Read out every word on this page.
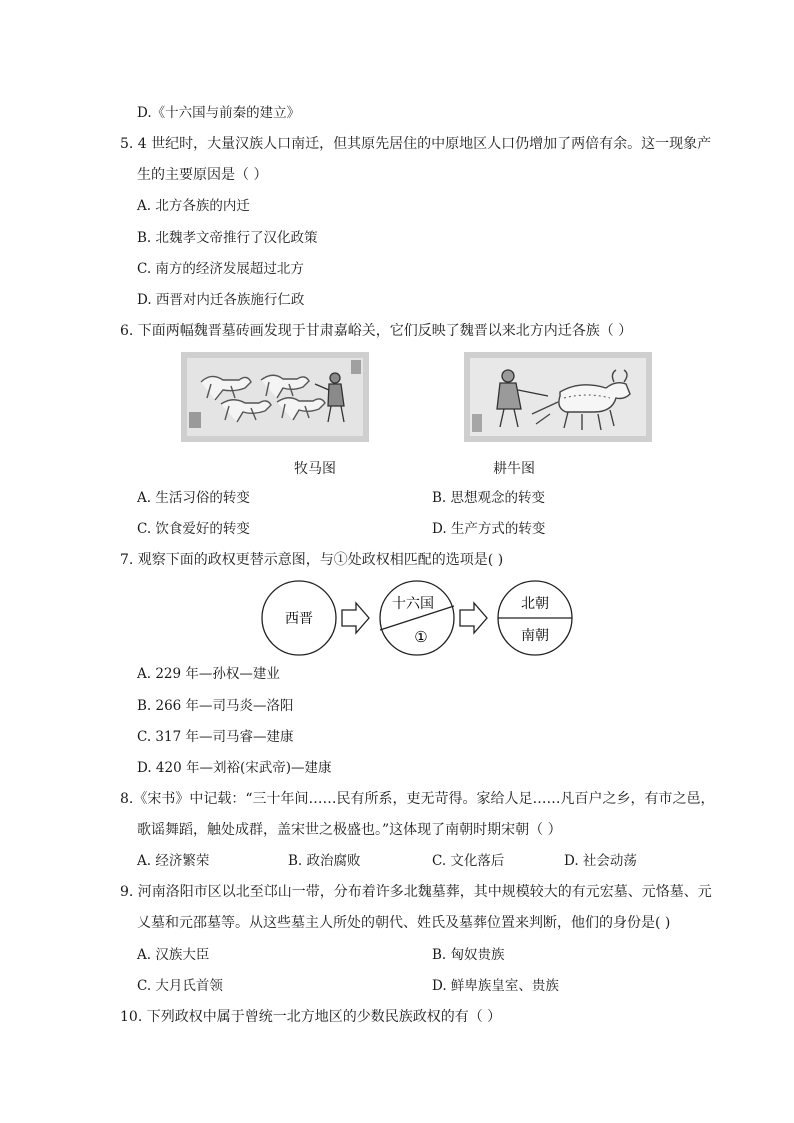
D.《十六国与前秦的建立》
5. 4 世纪时，大量汉族人口南迁，但其原先居住的中原地区人口仍增加了两倍有余。这一现象产
生的主要原因是（ ）
A. 北方各族的内迁
B. 北魏孝文帝推行了汉化政策
C. 南方的经济发展超过北方
D. 西晋对内迁各族施行仁政
6. 下面两幅魏晋墓砖画发现于甘肃嘉峪关，它们反映了魏晋以来北方内迁各族（ ）
牧马图	耕牛图
A. 生活习俗的转变	B. 思想观念的转变
C. 饮食爱好的转变	D. 生产方式的转变
7. 观察下面的政权更替示意图，与①处政权相匹配的选项是( )
西晋
十六国
①
北朝
南朝
A. 229 年—孙权—建业
B. 266 年—司马炎—洛阳
C. 317 年—司马睿—建康
D. 420 年—刘裕(宋武帝)—建康
8.《宋书》中记载：“三十年间……民有所系，吏无苛得。家给人足……凡百户之乡，有市之邑，
歌谣舞蹈，触处成群，盖宋世之极盛也。”这体现了南朝时期宋朝（ ）
A. 经济繁荣	B. 政治腐败	C. 文化落后	D. 社会动荡
9. 河南洛阳市区以北至邙山一带，分布着许多北魏墓葬，其中规模较大的有元宏墓、元恪墓、元
乂墓和元邵墓等。从这些墓主人所处的朝代、姓氏及墓葬位置来判断，他们的身份是( )
A. 汉族大臣	B. 匈奴贵族
C. 大月氏首领	D. 鲜卑族皇室、贵族
10. 下列政权中属于曾统一北方地区的少数民族政权的有（ ）
